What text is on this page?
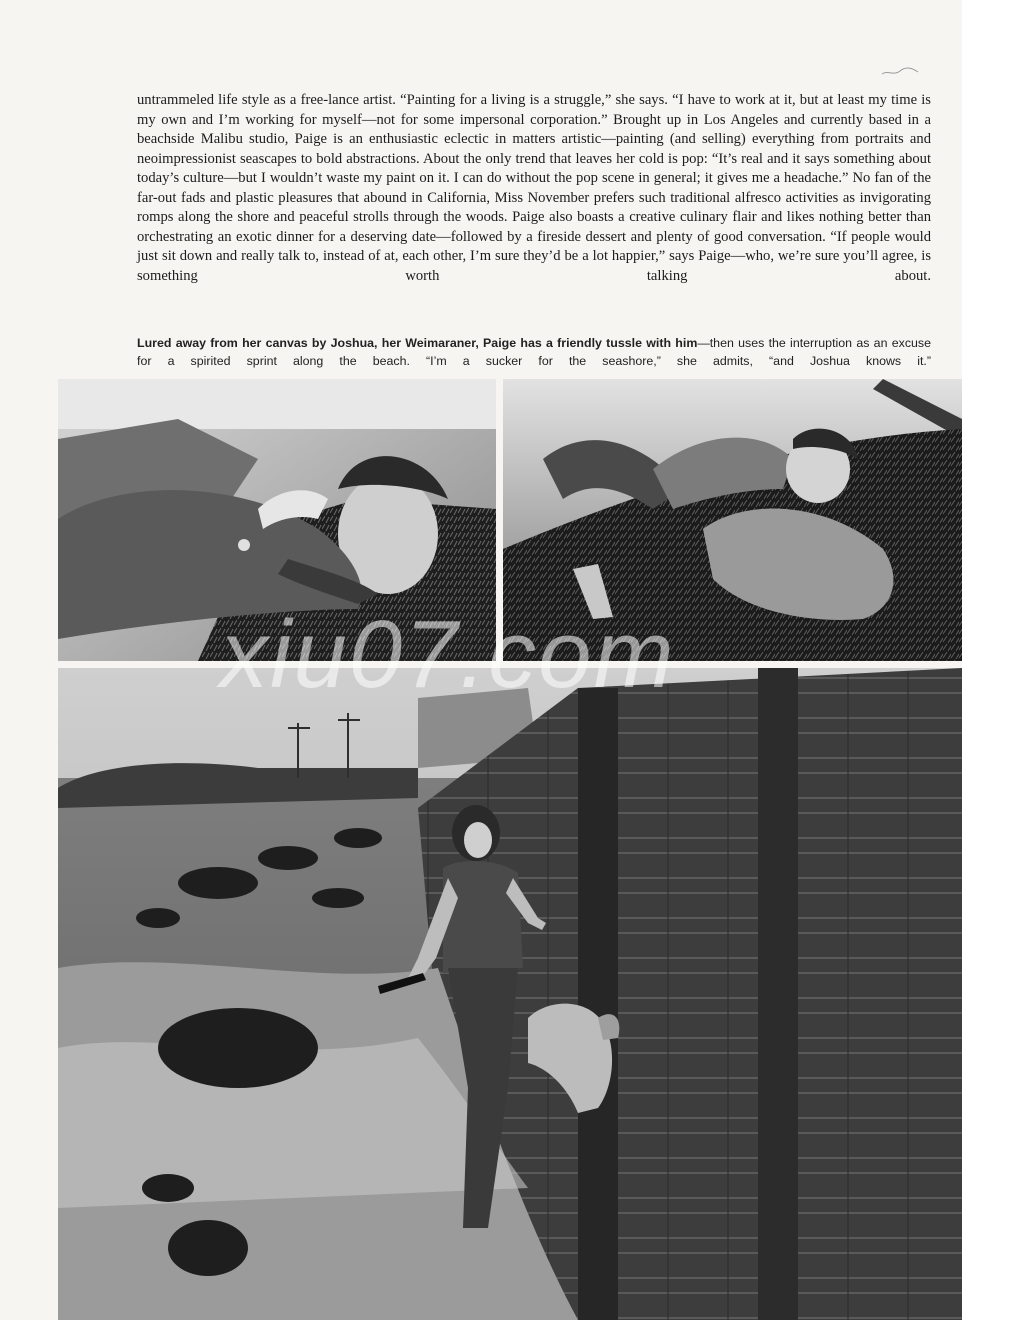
untrammeled life style as a free-lance artist. “Painting for a living is a struggle,” she says. “I have to work at it, but at least my time is my own and I’m working for myself—not for some impersonal corporation.” Brought up in Los Angeles and currently based in a beachside Malibu studio, Paige is an enthusiastic eclectic in matters artistic—painting (and selling) everything from portraits and neoimpressionist seascapes to bold abstractions. About the only trend that leaves her cold is pop: “It’s real and it says something about today’s culture—but I wouldn’t waste my paint on it. I can do without the pop scene in general; it gives me a headache.” No fan of the far-out fads and plastic pleasures that abound in California, Miss November prefers such traditional alfresco activities as invigorating romps along the shore and peaceful strolls through the woods. Paige also boasts a creative culinary flair and likes nothing better than orchestrating an exotic dinner for a deserving date—followed by a fireside dessert and plenty of good conversation. “If people would just sit down and really talk to, instead of at, each other, I’m sure they’d be a lot happier,” says Paige—who, we’re sure you’ll agree, is something worth talking about.

Lured away from her canvas by Joshua, her Weimaraner, Paige has a friendly tussle with him—then uses the interruption as an excuse for a spirited sprint along the beach. “I’m a sucker for the seashore,” she admits, “and Joshua knows it.”
xiu07.com
